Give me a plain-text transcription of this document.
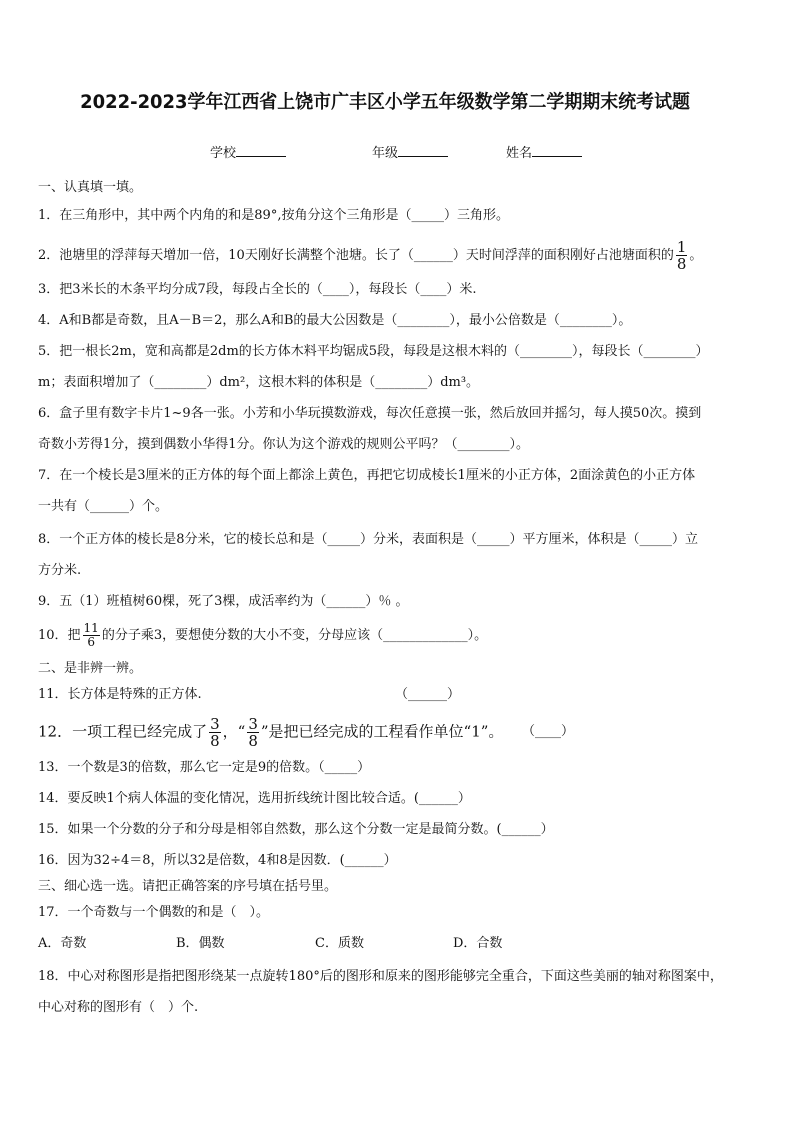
2022-2023学年江西省上饶市广丰区小学五年级数学第二学期期末统考试题
学校	年级	姓名
一、认真填一填。
1．在三角形中，其中两个内角的和是89°,按角分这个三角形是（_____）三角形。
2．池塘里的浮萍每天增加一倍，10天刚好长满整个池塘。长了（______）天时间浮萍的面积刚好占池塘面积的 $\frac{1}{8}$ 。
3．把3米长的木条平均分成7段，每段占全长的（____），每段长（____）米.
4．A和B都是奇数，且A－B＝2，那么A和B的最大公因数是（________），最小公倍数是（________）。
5．把一根长2m，宽和高都是2dm的长方体木料平均锯成5段，每段是这根木料的（________），每段长（________）
m；表面积增加了（________）dm²，这根木料的体积是（________）dm³。
6．盒子里有数字卡片1~9各一张。小芳和小华玩摸数游戏，每次任意摸一张，然后放回并摇匀，每人摸50次。摸到
奇数小芳得1分，摸到偶数小华得1分。你认为这个游戏的规则公平吗？（________）。
7．在一个棱长是3厘米的正方体的每个面上都涂上黄色，再把它切成棱长1厘米的小正方体，2面涂黄色的小正方体
一共有（______）个。
8．一个正方体的棱长是8分米，它的棱长总和是（_____）分米，表面积是（_____）平方厘米，体积是（_____）立
方分米.
9．五（1）班植树60棵，死了3棵，成活率约为（______）％ 。
10．把 $\frac{11}{6}$ 的分子乘3，要想使分数的大小不变，分母应该（_____________）。
二、是非辨一辨。
11．长方体是特殊的正方体.	（______）
12．一项工程已经完成了 $\frac{3}{8}$ ，“ $\frac{3}{8}$ ”是把已经完成的工程看作单位“1”。 （____）
13．一个数是3的倍数，那么它一定是9的倍数。（_____）
14．要反映1个病人体温的变化情况，选用折线统计图比较合适。(______）
15．如果一个分数的分子和分母是相邻自然数，那么这个分数一定是最简分数。(______）
16．因为32÷4＝8，所以32是倍数，4和8是因数．(______）
三、细心选一选。请把正确答案的序号填在括号里。
17．一个奇数与一个偶数的和是（　）。
A．奇数	B．偶数	C．质数	D．合数
18．中心对称图形是指把图形绕某一点旋转180°后的图形和原来的图形能够完全重合，下面这些美丽的轴对称图案中，
中心对称的图形有（　）个.
